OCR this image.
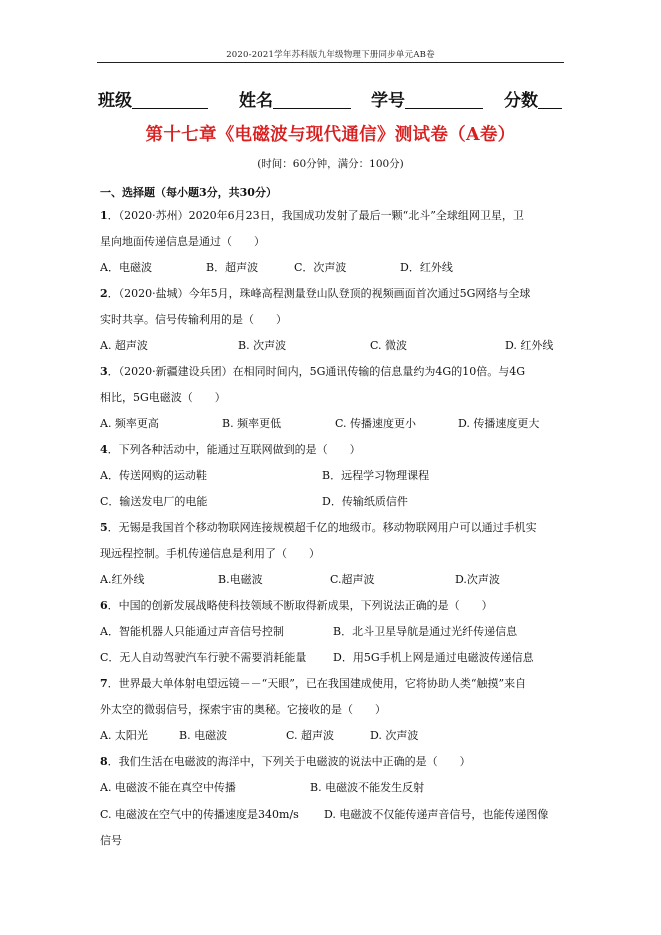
2020-2021学年苏科版九年级物理下册同步单元AB卷
班级	姓名	学号	分数
第十七章《电磁波与现代通信》测试卷（A卷）
(时间：60分钟，满分：100分)
一、选择题（每小题3分，共30分）
1．（2020·苏州）2020年6月23日，我国成功发射了最后一颗“北斗”全球组网卫星，卫
星向地面传递信息是通过（　　）
A．电磁波	B．超声波	C．次声波	D．红外线
2．（2020·盐城）今年5月，珠峰高程测量登山队登顶的视频画面首次通过5G网络与全球
实时共享。信号传输利用的是（　　）
A. 超声波	B. 次声波	C. 微波	D. 红外线
3．（2020·新疆建设兵团）在相同时间内，5G通讯传输的信息量约为4G的10倍。与4G
相比，5G电磁波（　　）
A. 频率更高	B. 频率更低	C. 传播速度更小	D. 传播速度更大
4．下列各种活动中，能通过互联网做到的是（　　）
A．传送网购的运动鞋	B．远程学习物理课程
C．输送发电厂的电能	D．传输纸质信件
5．无锡是我国首个移动物联网连接规模超千亿的地级市。移动物联网用户可以通过手机实
现远程控制。手机传递信息是利用了（　　）
A.红外线	B.电磁波	C.超声波	D.次声波
6．中国的创新发展战略使科技领域不断取得新成果，下列说法正确的是（　　）
A．智能机器人只能通过声音信号控制	B．北斗卫星导航是通过光纤传递信息
C．无人自动驾驶汽车行驶不需要消耗能量 D．用5G手机上网是通过电磁波传递信息
7．世界最大单体射电望远镜－－“天眼”，已在我国建成使用，它将协助人类“触摸”来自
外太空的微弱信号，探索宇宙的奥秘。它接收的是（　　）
A. 太阳光	B. 电磁波	C. 超声波	D. 次声波
8．我们生活在电磁波的海洋中，下列关于电磁波的说法中正确的是（　　）
A. 电磁波不能在真空中传播	B. 电磁波不能发生反射
C. 电磁波在空气中的传播速度是340m/s D. 电磁波不仅能传递声音信号，也能传递图像
信号
